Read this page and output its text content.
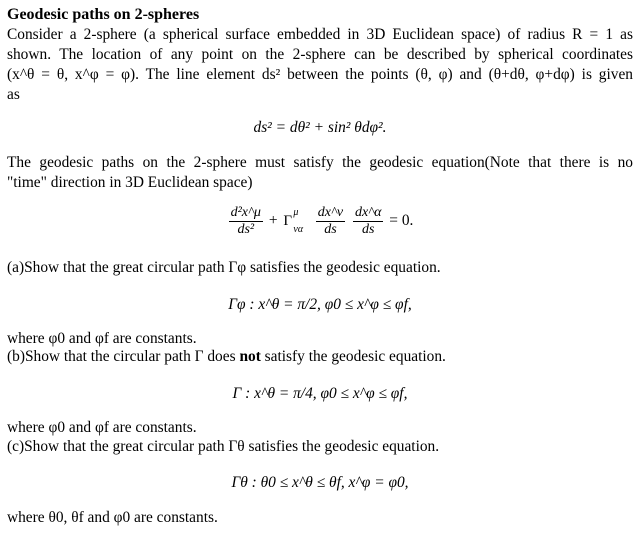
Geodesic paths on 2-spheres
Consider a 2-sphere (a spherical surface embedded in 3D Euclidean space) of radius R = 1 as
shown. The location of any point on the 2-sphere can be described by spherical coordinates
(x^θ = θ, x^φ = φ). The line element ds² between the points (θ, φ) and (θ+dθ, φ+dφ) is given
as
ds² = dθ² + sin² θdφ².
The geodesic paths on the 2-sphere must satisfy the geodesic equation(Note that there is no
"time" direction in 3D Euclidean space)
$\frac{\text{d²x\textasciicircum{}μ}}{\text{ds²}} + \Gamma$
μ
να
$\frac{dx\^{}\nu}{ds}$
$\frac{dx\^{}\alpha}{ds} = 0$.
(a)Show that the great circular path Γφ satisfies the geodesic equation.
Γφ : x^θ = π/2, φ0 ≤ x^φ ≤ φf,
where φ0 and φf are constants.
(b)Show that the circular path Γ does not satisfy the geodesic equation.
Γ : x^θ = π/4, φ0 ≤ x^φ ≤ φf,
where φ0 and φf are constants.
(c)Show that the great circular path Γθ satisfies the geodesic equation.
Γθ : θ0 ≤ x^θ ≤ θf, x^φ = φ0,
where θ0, θf and φ0 are constants.
